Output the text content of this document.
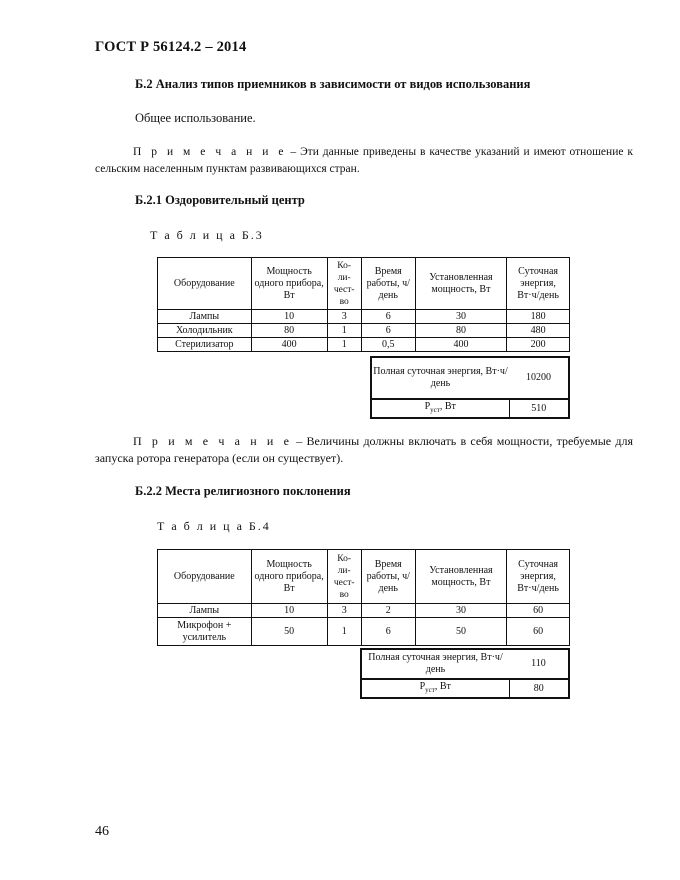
ГОСТ Р 56124.2 – 2014
Б.2 Анализ типов приемников в зависимости от видов использования
Общее использование.
П р и м е ч а н и е – Эти данные приведены в качестве указаний и имеют отношение к сельским населенным пунктам развивающихся стран.
Б.2.1 Оздоровительный центр
Т а б л и ц а Б.3
Оборудование	Мощность одного прибора, Вт	Ко-
ли-
чест-
во	Время работы, ч/день	Установленная мощность, Вт	Суточная энергия, Вт·ч/день
Лампы	10	3	6	30	180
Холодильник	80	1	6	80	480
Стерилизатор	400	1	0,5	400	200
Полная суточная энергия, Вт·ч/день	10200
$P_{уст}$, Вт	510
П р и м е ч а н и е – Величины должны включать в себя мощности, требуемые для запуска ротора генератора (если он существует).
Б.2.2 Места религиозного поклонения
Т а б л и ц а Б.4
Оборудование	Мощность одного прибора, Вт	Ко-
ли-
чест-
во	Время работы, ч/день	Установленная мощность, Вт	Суточная энергия, Вт·ч/день
Лампы	10	3	2	30	60
Микрофон + усилитель	50	1	6	50	60
Полная суточная энергия, Вт·ч/день	110
$P_{уст}$, Вт	80
46
